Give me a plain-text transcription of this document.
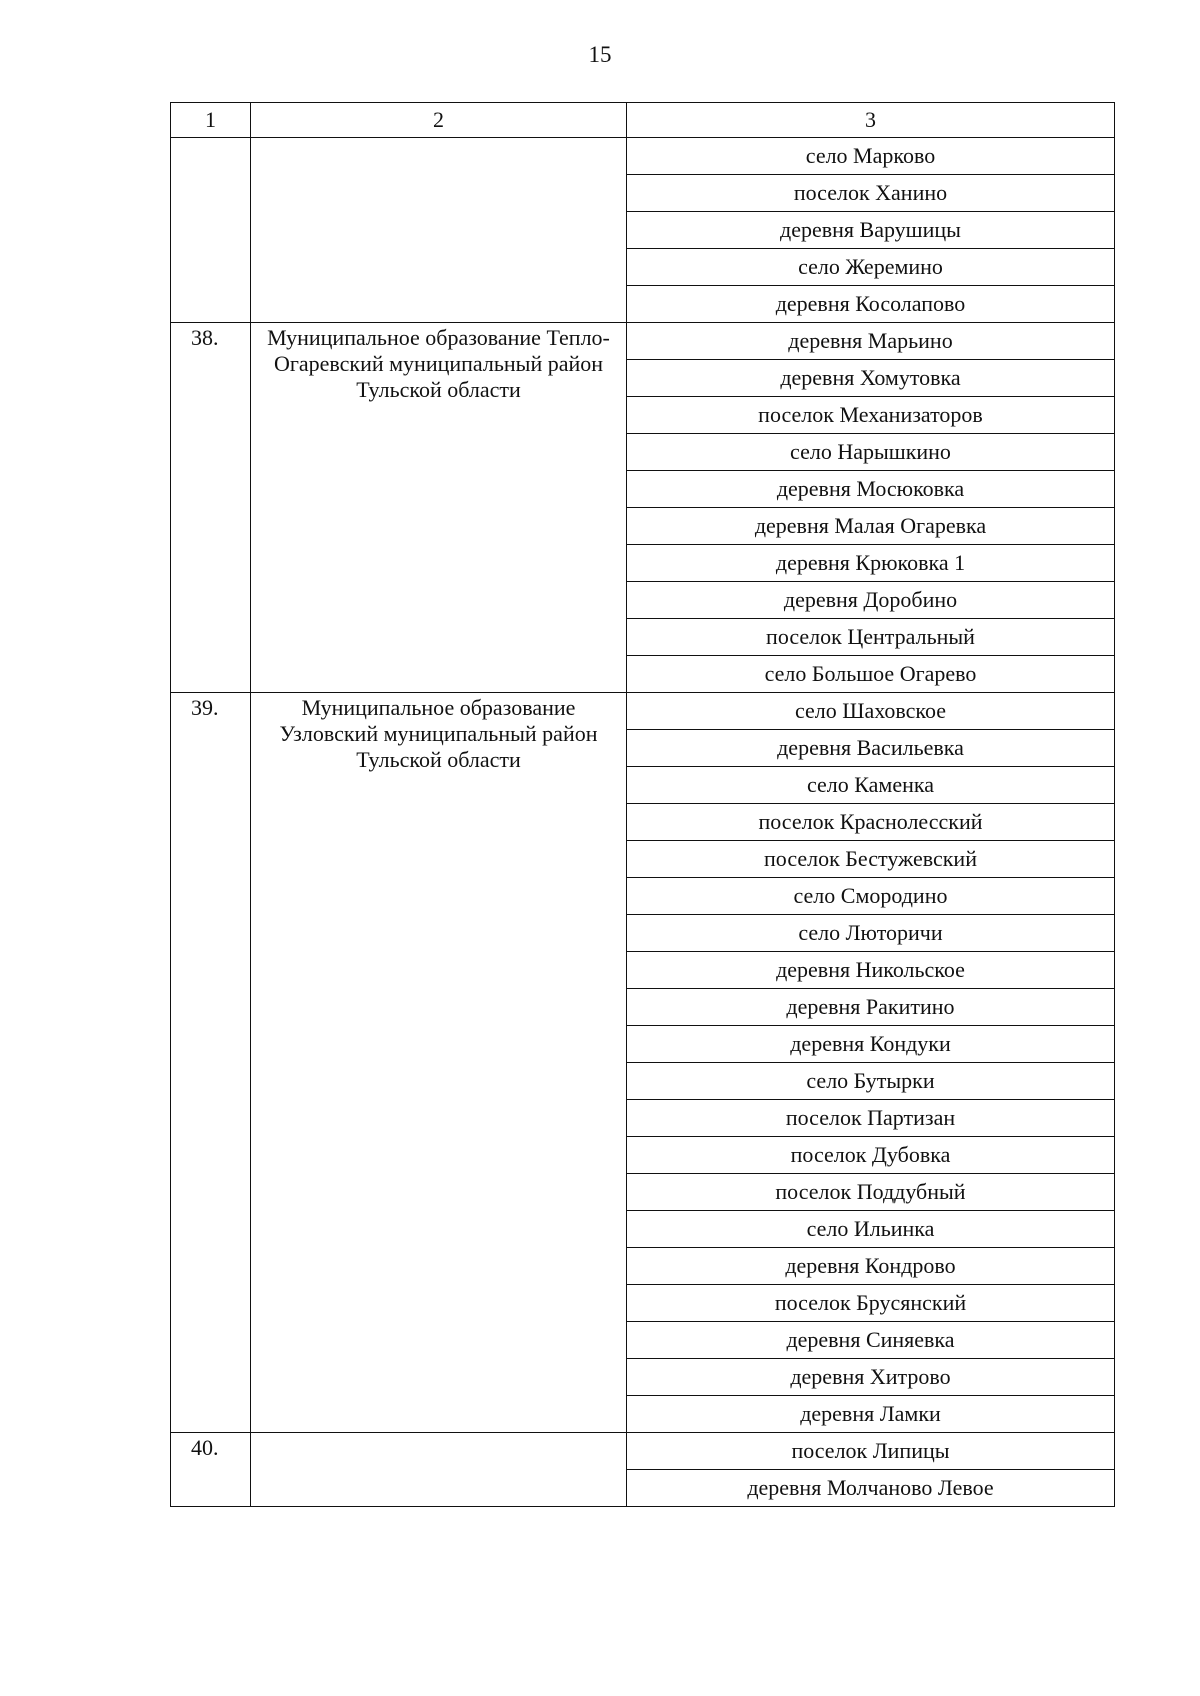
15
1	2	3
		село Марково
		поселок Ханино
		деревня Варушицы
		село Жеремино
		деревня Косолапово
38.	Муниципальное образование Тепло-Огаревский муниципальный район Тульской области	деревня Марьино
		деревня Хомутовка
		поселок Механизаторов
		село Нарышкино
		деревня Мосюковка
		деревня Малая Огаревка
		деревня Крюковка 1
		деревня Доробино
		поселок Центральный
		село Большое Огарево
39.	Муниципальное образование Узловский муниципальный район Тульской области	село Шаховское
		деревня Васильевка
		село Каменка
		поселок Краснолесский
		поселок Бестужевский
		село Смородино
		село Люторичи
		деревня Никольское
		деревня Ракитино
		деревня Кондуки
		село Бутырки
		поселок Партизан
		поселок Дубовка
		поселок Поддубный
		село Ильинка
		деревня Кондрово
		поселок Брусянский
		деревня Синяевка
		деревня Хитрово
		деревня Ламки
40.		поселок Липицы
		деревня Молчаново Левое
